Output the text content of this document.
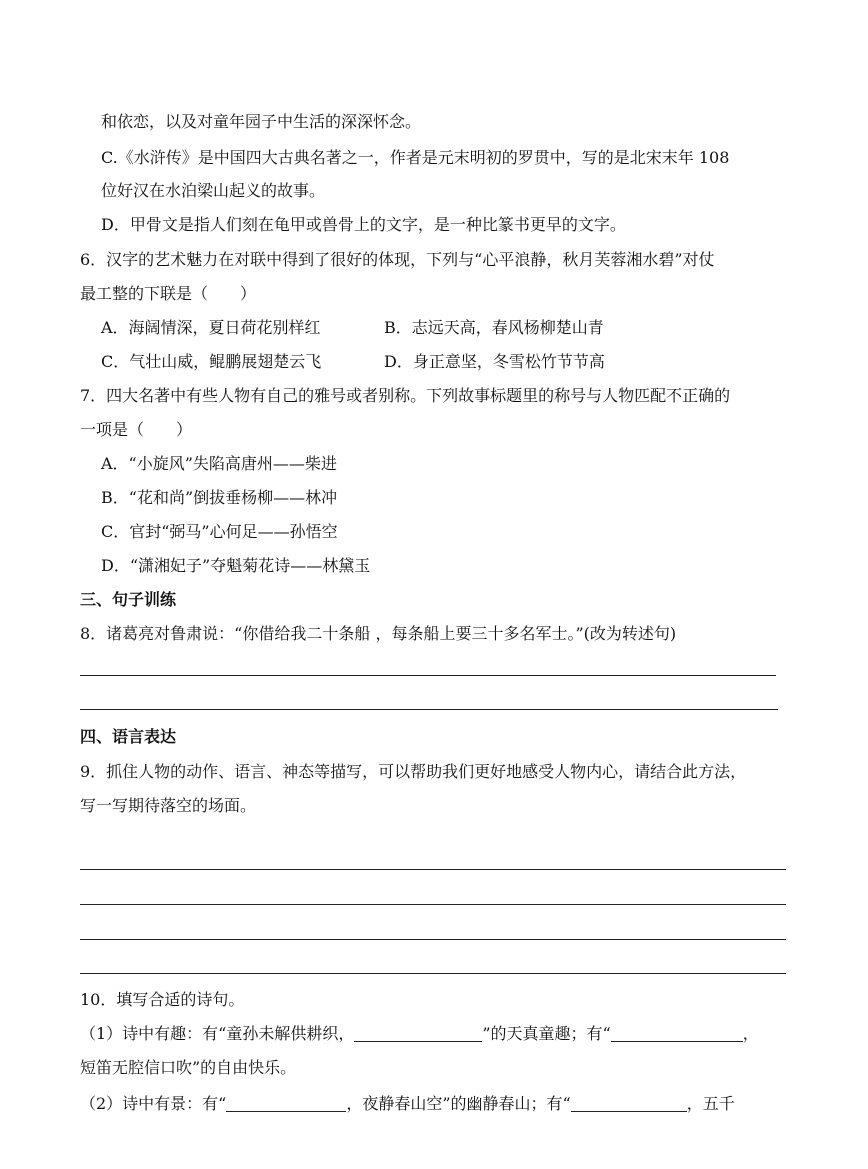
和依恋，以及对童年园子中生活的深深怀念。
C.《水浒传》是中国四大古典名著之一，作者是元末明初的罗贯中，写的是北宋末年 108
位好汉在水泊梁山起义的故事。
D．甲骨文是指人们刻在龟甲或兽骨上的文字，是一种比篆书更早的文字。
6．汉字的艺术魅力在对联中得到了很好的体现，下列与“心平浪静，秋月芙蓉湘水碧”对仗
最工整的下联是（　　）
A．海阔情深，夏日荷花别样红	B．志远天高，春风杨柳楚山青
C．气壮山威，鲲鹏展翅楚云飞	D．身正意坚，冬雪松竹节节高
7．四大名著中有些人物有自己的雅号或者别称。下列故事标题里的称号与人物匹配不正确的
一项是（　　）
A．“小旋风”失陷高唐州——柴进
B．“花和尚”倒拔垂杨柳——林冲
C．官封“弼马”心何足——孙悟空
D．“潇湘妃子”夺魁菊花诗——林黛玉
三、句子训练
8．诸葛亮对鲁肃说：“你借给我二十条船 ，每条船上要三十多名军士。”(改为转述句)
四、语言表达
9．抓住人物的动作、语言、神态等描写，可以帮助我们更好地感受人物内心，请结合此方法，
写一写期待落空的场面。
10．填写合适的诗句。
（1）诗中有趣：有“童孙未解供耕织，	”的天真童趣；有“	，
短笛无腔信口吹”的自由快乐。
（2）诗中有景：有“	，夜静春山空”的幽静春山；有“	，五千
